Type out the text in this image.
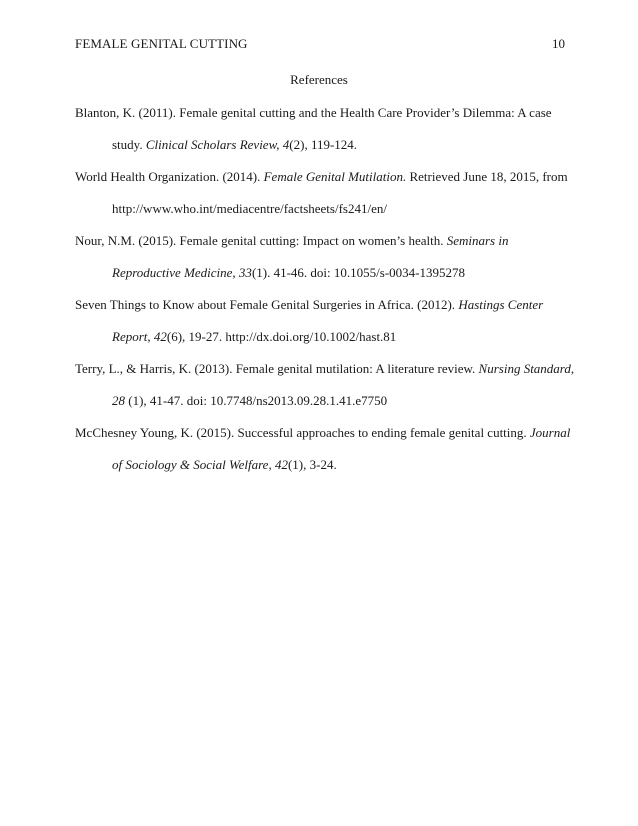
FEMALE GENITAL CUTTING	10
References
Blanton, K. (2011). Female genital cutting and the Health Care Provider’s Dilemma: A case
study. Clinical Scholars Review, 4(2), 119-124.
World Health Organization. (2014). Female Genital Mutilation. Retrieved June 18, 2015, from
http://www.who.int/mediacentre/factsheets/fs241/en/
Nour, N.M. (2015). Female genital cutting: Impact on women’s health. Seminars in
Reproductive Medicine, 33(1). 41-46. doi: 10.1055/s-0034-1395278
Seven Things to Know about Female Genital Surgeries in Africa. (2012). Hastings Center
Report, 42(6), 19-27. http://dx.doi.org/10.1002/hast.81
Terry, L., & Harris, K. (2013). Female genital mutilation: A literature review. Nursing Standard,
28 (1), 41-47. doi: 10.7748/ns2013.09.28.1.41.e7750
McChesney Young, K. (2015). Successful approaches to ending female genital cutting. Journal
of Sociology & Social Welfare, 42(1), 3-24.
